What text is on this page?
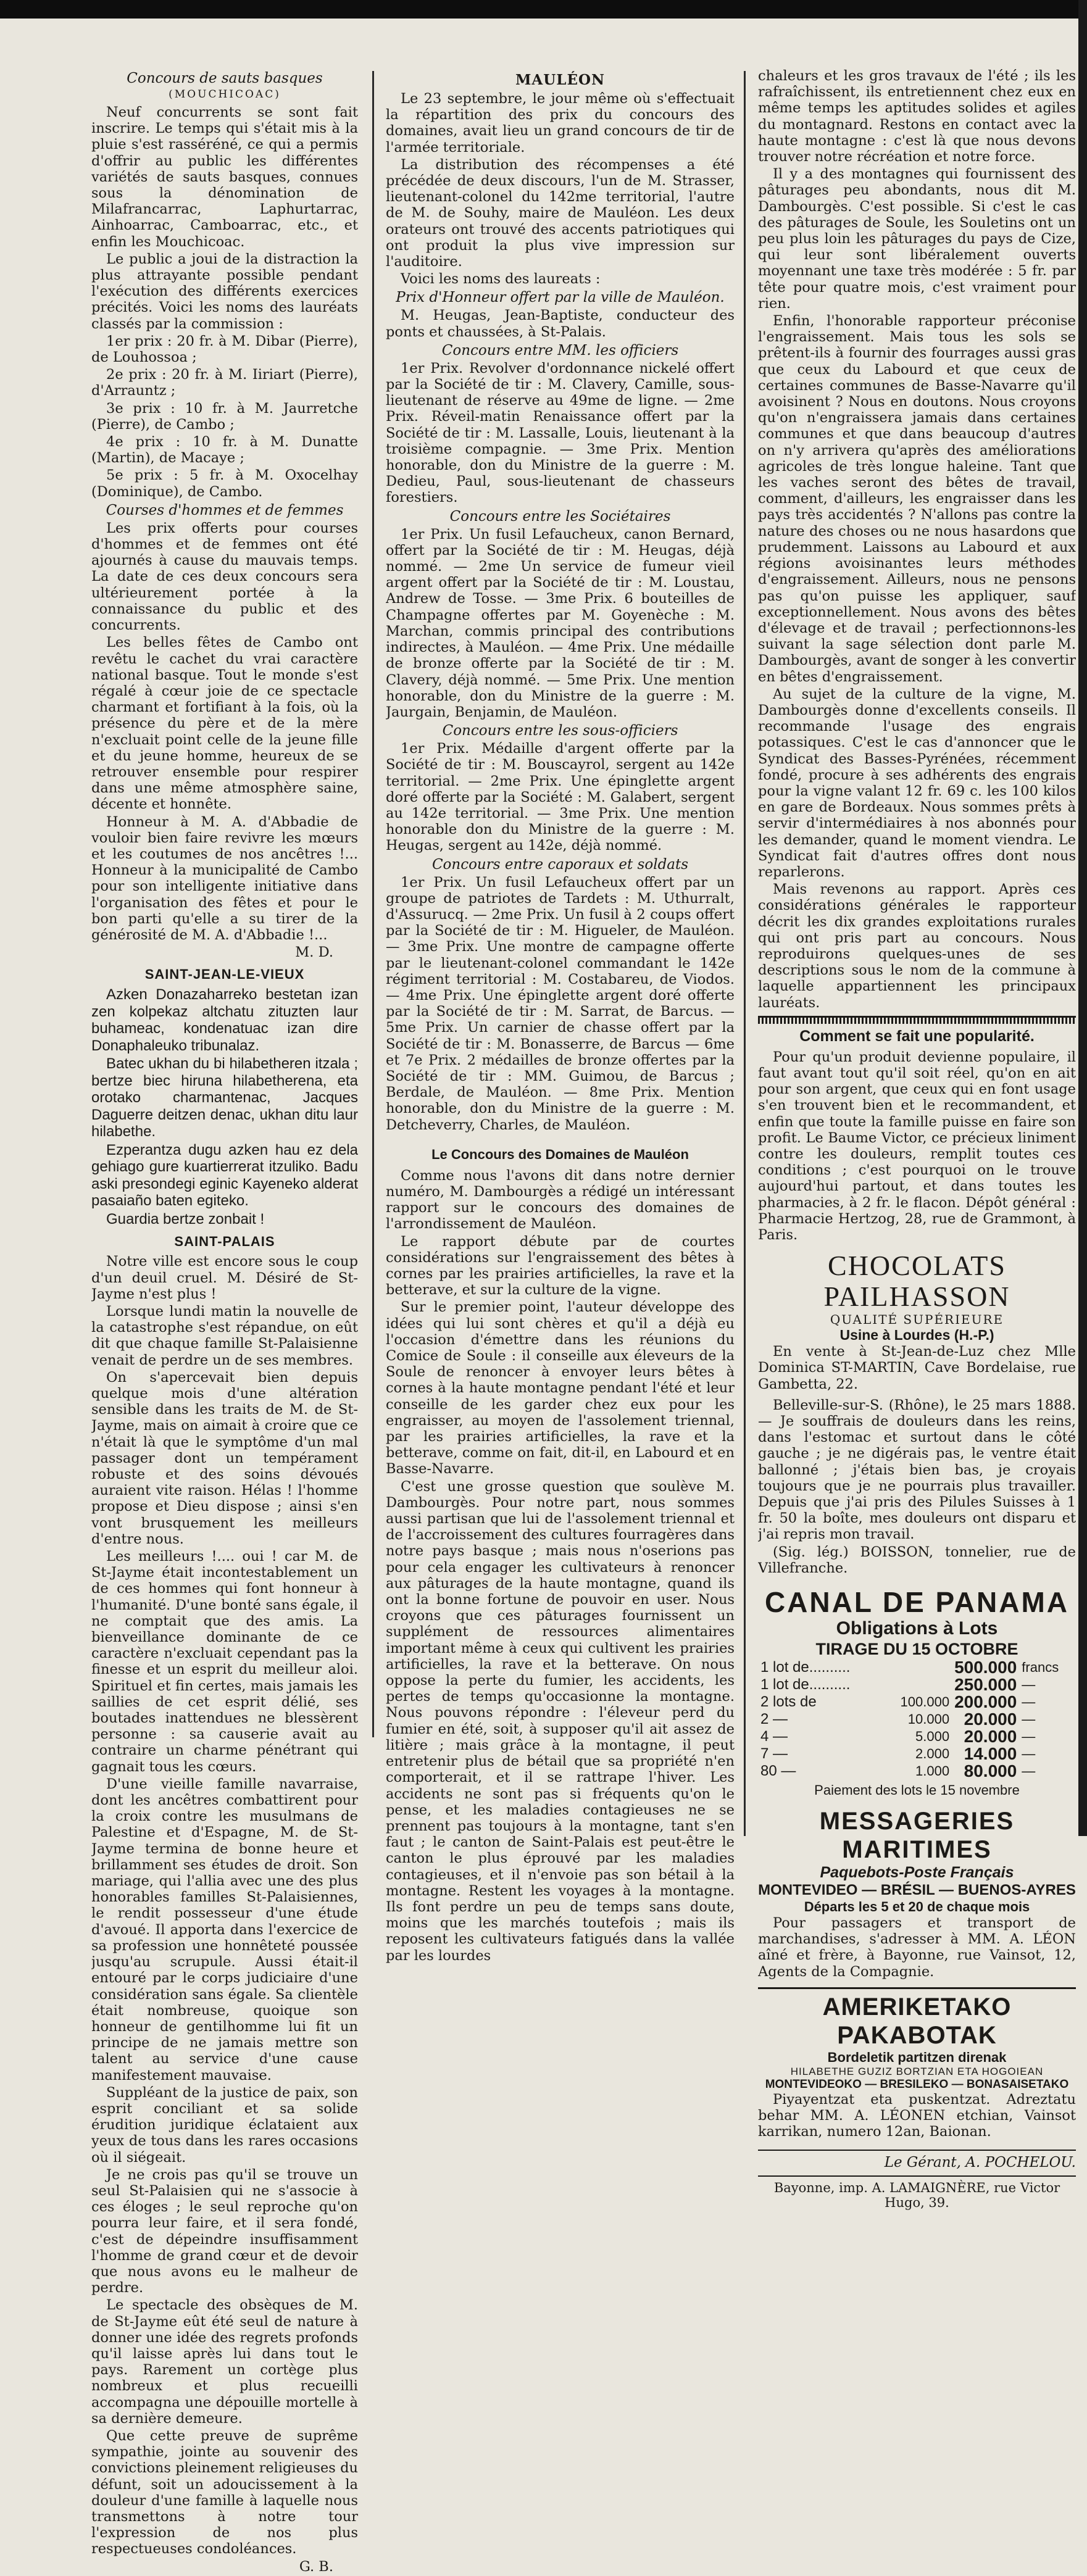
Concours de sauts basques
(MOUCHICOAC)

Neuf concurrents se sont fait inscrire. Le temps qui s'était mis à la pluie s'est rasséréné, ce qui a permis d'offrir au public les différentes variétés de sauts basques, connues sous la dénomination de Milafrancarrac, Laphurtarrac, Ainhoarrac, Camboarrac, etc., et enfin les Mouchicoac.

Le public a joui de la distraction la plus attrayante possible pendant l'exécution des différents exercices précités. Voici les noms des lauréats classés par la commission :

1er prix : 20 fr. à M. Dibar (Pierre), de Louhossoa ;

2e prix : 20 fr. à M. Iiriart (Pierre), d'Arrauntz ;

3e prix : 10 fr. à M. Jaurretche (Pierre), de Cambo ;

4e prix : 10 fr. à M. Dunatte (Martin), de Macaye ;

5e prix : 5 fr. à M. Oxocelhay (Dominique), de Cambo.

Courses d'hommes et de femmes

Les prix offerts pour courses d'hommes et de femmes ont été ajournés à cause du mauvais temps. La date de ces deux concours sera ultérieurement portée à la connaissance du public et des concurrents.

Les belles fêtes de Cambo ont revêtu le cachet du vrai caractère national basque. Tout le monde s'est régalé à cœur joie de ce spectacle charmant et fortifiant à la fois, où la présence du père et de la mère n'excluait point celle de la jeune fille et du jeune homme, heureux de se retrouver ensemble pour respirer dans une même atmosphère saine, décente et honnête.

Honneur à M. A. d'Abbadie de vouloir bien faire revivre les mœurs et les coutumes de nos ancêtres !... Honneur à la municipalité de Cambo pour son intelligente initiative dans l'organisation des fêtes et pour le bon parti qu'elle a su tirer de la générosité de M. A. d'Abbadie !...

M. D.

SAINT-JEAN-LE-VIEUX

Azken Donazaharreko bestetan izan zen kolpekaz altchatu zituzten laur buhameac, kondenatuac izan dire Donaphaleuko tribunalaz.

Batec ukhan du bi hilabetheren itzala ; bertze biec hiruna hilabetherena, eta orotako charmantenac, Jacques Daguerre deitzen denac, ukhan ditu laur hilabethe.

Ezperantza dugu azken hau ez dela gehiago gure kuartierrerat itzuliko. Badu aski presondegi eginic Kayeneko alderat pasaiaño baten egiteko.

Guardia bertze zonbait !

SAINT-PALAIS

Notre ville est encore sous le coup d'un deuil cruel. M. Désiré de St-Jayme n'est plus !

Lorsque lundi matin la nouvelle de la catastrophe s'est répandue, on eût dit que chaque famille St-Palaisienne venait de perdre un de ses membres.

On s'apercevait bien depuis quelque mois d'une altération sensible dans les traits de M. de St-Jayme, mais on aimait à croire que ce n'était là que le symptôme d'un mal passager dont un tempérament robuste et des soins dévoués auraient vite raison. Hélas ! l'homme propose et Dieu dispose ; ainsi s'en vont brusquement les meilleurs d'entre nous.

Les meilleurs !.... oui ! car M. de St-Jayme était incontestablement un de ces hommes qui font honneur à l'humanité. D'une bonté sans égale, il ne comptait que des amis. La bienveillance dominante de ce caractère n'excluait cependant pas la finesse et un esprit du meilleur aloi. Spirituel et fin certes, mais jamais les saillies de cet esprit délié, ses boutades inattendues ne blessèrent personne : sa causerie avait au contraire un charme pénétrant qui gagnait tous les cœurs.

D'une vieille famille navarraise, dont les ancêtres combattirent pour la croix contre les musulmans de Palestine et d'Espagne, M. de St-Jayme termina de bonne heure et brillamment ses études de droit. Son mariage, qui l'allia avec une des plus honorables familles St-Palaisiennes, le rendit possesseur d'une étude d'avoué. Il apporta dans l'exercice de sa profession une honnêteté poussée jusqu'au scrupule. Aussi était-il entouré par le corps judiciaire d'une considération sans égale. Sa clientèle était nombreuse, quoique son honneur de gentilhomme lui fit un principe de ne jamais mettre son talent au service d'une cause manifestement mauvaise.

Suppléant de la justice de paix, son esprit conciliant et sa solide érudition juridique éclataient aux yeux de tous dans les rares occasions où il siégeait.

Je ne crois pas qu'il se trouve un seul St-Palaisien qui ne s'associe à ces éloges ; le seul reproche qu'on pourra leur faire, et il sera fondé, c'est de dépeindre insuffisamment l'homme de grand cœur et de devoir que nous avons eu le malheur de perdre.

Le spectacle des obsèques de M. de St-Jayme eût été seul de nature à donner une idée des regrets profonds qu'il laisse après lui dans tout le pays. Rarement un cortège plus nombreux et plus recueilli accompagna une dépouille mortelle à sa dernière demeure.

Que cette preuve de suprême sympathie, jointe au souvenir des convictions pleinement religieuses du défunt, soit un adoucissement à la douleur d'une famille à laquelle nous transmettons à notre tour l'expression de nos plus respectueuses condoléances.

G. B.

MAULÉON

Le 23 septembre, le jour même où s'effectuait la répartition des prix du concours des domaines, avait lieu un grand concours de tir de l'armée territoriale.

La distribution des récompenses a été précédée de deux discours, l'un de M. Strasser, lieutenant-colonel du 142me territorial, l'autre de M. de Souhy, maire de Mauléon. Les deux orateurs ont trouvé des accents patriotiques qui ont produit la plus vive impression sur l'auditoire.

Voici les noms des laureats :

Prix d'Honneur offert par la ville de Mauléon.

M. Heugas, Jean-Baptiste, conducteur des ponts et chaussées, à St-Palais.

Concours entre MM. les officiers

1er Prix. Revolver d'ordonnance nickelé offert par la Société de tir : M. Clavery, Camille, sous-lieutenant de réserve au 49me de ligne. — 2me Prix. Réveil-matin Renaissance offert par la Société de tir : M. Lassalle, Louis, lieutenant à la troisième compagnie. — 3me Prix. Mention honorable, don du Ministre de la guerre : M. Dedieu, Paul, sous-lieutenant de chasseurs forestiers.

Concours entre les Sociétaires

1er Prix. Un fusil Lefaucheux, canon Bernard, offert par la Société de tir : M. Heugas, déjà nommé. — 2me Un service de fumeur vieil argent offert par la Société de tir : M. Loustau, Andrew de Tosse. — 3me Prix. 6 bouteilles de Champagne offertes par M. Goyenèche : M. Marchan, commis principal des contributions indirectes, à Mauléon. — 4me Prix. Une médaille de bronze offerte par la Société de tir : M. Clavery, déjà nommé. — 5me Prix. Une mention honorable, don du Ministre de la guerre : M. Jaurgain, Benjamin, de Mauléon.

Concours entre les sous-officiers

1er Prix. Médaille d'argent offerte par la Société de tir : M. Bouscayrol, sergent au 142e territorial. — 2me Prix. Une épinglette argent doré offerte par la Société : M. Galabert, sergent au 142e territorial. — 3me Prix. Une mention honorable don du Ministre de la guerre : M. Heugas, sergent au 142e, déjà nommé.

Concours entre caporaux et soldats

1er Prix. Un fusil Lefaucheux offert par un groupe de patriotes de Tardets : M. Uthurralt, d'Assurucq. — 2me Prix. Un fusil à 2 coups offert par la Société de tir : M. Higueler, de Mauléon. — 3me Prix. Une montre de campagne offerte par le lieutenant-colonel commandant le 142e régiment territorial : M. Costabareu, de Viodos. — 4me Prix. Une épinglette argent doré offerte par la Société de tir : M. Sarrat, de Barcus. — 5me Prix. Un carnier de chasse offert par la Société de tir : M. Bonasserre, de Barcus — 6me et 7e Prix. 2 médailles de bronze offertes par la Société de tir : MM. Guimou, de Barcus ; Berdale, de Mauléon. — 8me Prix. Mention honorable, don du Ministre de la guerre : M. Detcheverry, Charles, de Mauléon.

Le Concours des Domaines de Mauléon

Comme nous l'avons dit dans notre dernier numéro, M. Dambourgès a rédigé un intéressant rapport sur le concours des domaines de l'arrondissement de Mauléon.

Le rapport débute par de courtes considérations sur l'engraissement des bêtes à cornes par les prairies artificielles, la rave et la betterave, et sur la culture de la vigne.

Sur le premier point, l'auteur développe des idées qui lui sont chères et qu'il a déjà eu l'occasion d'émettre dans les réunions du Comice de Soule : il conseille aux éleveurs de la Soule de renoncer à envoyer leurs bêtes à cornes à la haute montagne pendant l'été et leur conseille de les garder chez eux pour les engraisser, au moyen de l'assolement triennal, par les prairies artificielles, la rave et la betterave, comme on fait, dit-il, en Labourd et en Basse-Navarre.

C'est une grosse question que soulève M. Dambourgès. Pour notre part, nous sommes aussi partisan que lui de l'assolement triennal et de l'accroissement des cultures fourragères dans notre pays basque ; mais nous n'oserions pas pour cela engager les cultivateurs à renoncer aux pâturages de la haute montagne, quand ils ont la bonne fortune de pouvoir en user. Nous croyons que ces pâturages fournissent un supplément de ressources alimentaires important même à ceux qui cultivent les prairies artificielles, la rave et la betterave. On nous oppose la perte du fumier, les accidents, les pertes de temps qu'occasionne la montagne. Nous pouvons répondre : l'éleveur perd du fumier en été, soit, à supposer qu'il ait assez de litière ; mais grâce à la montagne, il peut entretenir plus de bétail que sa propriété n'en comporterait, et il se rattrape l'hiver. Les accidents ne sont pas si fréquents qu'on le pense, et les maladies contagieuses ne se prennent pas toujours à la montagne, tant s'en faut ; le canton de Saint-Palais est peut-être le canton le plus éprouvé par les maladies contagieuses, et il n'envoie pas son bétail à la montagne. Restent les voyages à la montagne. Ils font perdre un peu de temps sans doute, moins que les marchés toutefois ; mais ils reposent les cultivateurs fatigués dans la vallée par les lourdes

chaleurs et les gros travaux de l'été ; ils les rafraîchissent, ils entretiennent chez eux en même temps les aptitudes solides et agiles du montagnard. Restons en contact avec la haute montagne : c'est là que nous devons trouver notre récréation et notre force.

Il y a des montagnes qui fournissent des pâturages peu abondants, nous dit M. Dambourgès. C'est possible. Si c'est le cas des pâturages de Soule, les Souletins ont un peu plus loin les pâturages du pays de Cize, qui leur sont libéralement ouverts moyennant une taxe très modérée : 5 fr. par tête pour quatre mois, c'est vraiment pour rien.

Enfin, l'honorable rapporteur préconise l'engraissement. Mais tous les sols se prêtent-ils à fournir des fourrages aussi gras que ceux du Labourd et que ceux de certaines communes de Basse-Navarre qu'il avoisinent ? Nous en doutons. Nous croyons qu'on n'engraissera jamais dans certaines communes et que dans beaucoup d'autres on n'y arrivera qu'après des améliorations agricoles de très longue haleine. Tant que les vaches seront des bêtes de travail, comment, d'ailleurs, les engraisser dans les pays très accidentés ? N'allons pas contre la nature des choses ou ne nous hasardons que prudemment. Laissons au Labourd et aux régions avoisinantes leurs méthodes d'engraissement. Ailleurs, nous ne pensons pas qu'on puisse les appliquer, sauf exceptionnellement. Nous avons des bêtes d'élevage et de travail ; perfectionnons-les suivant la sage sélection dont parle M. Dambourgès, avant de songer à les convertir en bêtes d'engraissement.

Au sujet de la culture de la vigne, M. Dambourgès donne d'excellents conseils. Il recommande l'usage des engrais potassiques. C'est le cas d'annoncer que le Syndicat des Basses-Pyrénées, récemment fondé, procure à ses adhérents des engrais pour la vigne valant 12 fr. 69 c. les 100 kilos en gare de Bordeaux. Nous sommes prêts à servir d'intermédiaires à nos abonnés pour les demander, quand le moment viendra. Le Syndicat fait d'autres offres dont nous reparlerons.

Mais revenons au rapport. Après ces considérations générales le rapporteur décrit les dix grandes exploitations rurales qui ont pris part au concours. Nous reproduirons quelques-unes de ses descriptions sous le nom de la commune à laquelle appartiennent les principaux lauréats.

Comment se fait une popularité.

Pour qu'un produit devienne populaire, il faut avant tout qu'il soit réel, qu'on en ait pour son argent, que ceux qui en font usage s'en trouvent bien et le recommandent, et enfin que toute la famille puisse en faire son profit. Le Baume Victor, ce précieux liniment contre les douleurs, remplit toutes ces conditions ; c'est pourquoi on le trouve aujourd'hui partout, et dans toutes les pharmacies, à 2 fr. le flacon. Dépôt général : Pharmacie Hertzog, 28, rue de Grammont, à Paris.

CHOCOLATS PAILHASSON
QUALITÉ SUPÉRIEURE
Usine à Lourdes (H.-P.)

En vente à St-Jean-de-Luz chez Mlle Dominica ST-MARTIN, Cave Bordelaise, rue Gambetta, 22.

Belleville-sur-S. (Rhône), le 25 mars 1888. — Je souffrais de douleurs dans les reins, dans l'estomac et surtout dans le côté gauche ; je ne digérais pas, le ventre était ballonné ; j'étais bien bas, je croyais toujours que je ne pourrais plus travailler. Depuis que j'ai pris des Pilules Suisses à 1 fr. 50 la boîte, mes douleurs ont disparu et j'ai repris mon travail.

(Sig. lég.) BOISSON, tonnelier, rue de Villefranche.

CANAL DE PANAMA
Obligations à Lots
TIRAGE DU 15 OCTOBRE
1 lot de..........		500.000	francs
1 lot de..........		250.000	—
2 lots de	100.000	200.000	—
2 —	10.000	20.000	—
4 —	5.000	20.000	—
7 —	2.000	14.000	—
80 —	1.000	80.000	—
Paiement des lots le 15 novembre
MESSAGERIES MARITIMES
Paquebots-Poste Français
MONTEVIDEO — BRÉSIL — BUENOS-AYRES
Départs les 5 et 20 de chaque mois

Pour passagers et transport de marchandises, s'adresser à MM. A. LÉON aîné et frère, à Bayonne, rue Vainsot, 12, Agents de la Compagnie.

AMERIKETAKO PAKABOTAK
Bordeletik partitzen direnak
HILABETHE GUZIZ BORTZIAN ETA HOGOIEAN
MONTEVIDEOKO — BRESILEKO — BONASAISETAKO

Piyayentzat eta puskentzat. Adreztatu behar MM. A. LÉONEN etchian, Vainsot karrikan, numero 12an, Baionan.

Le Gérant, A. POCHELOU.
Bayonne, imp. A. LAMAIGNÈRE, rue Victor Hugo, 39.
